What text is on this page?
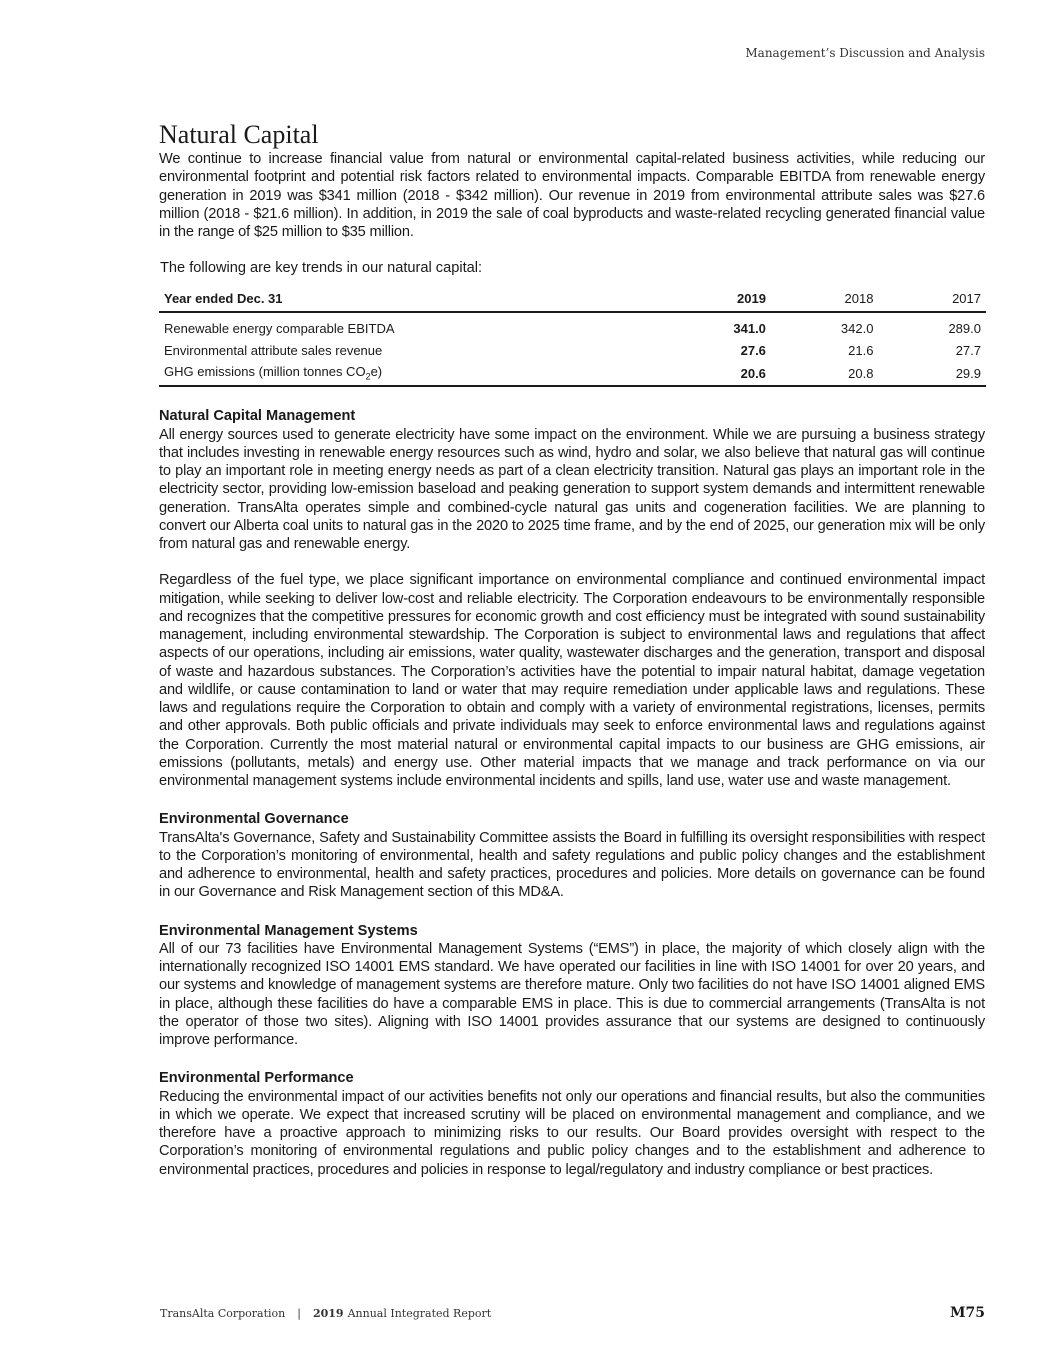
Management’s Discussion and Analysis
Natural Capital

We continue to increase financial value from natural or environmental capital-related business activities, while reducing our environmental footprint and potential risk factors related to environmental impacts. Comparable EBITDA from renewable energy generation in 2019 was $341 million (2018 - $342 million). Our revenue in 2019 from environmental attribute sales was $27.6 million (2018 - $21.6 million). In addition, in 2019 the sale of coal byproducts and waste-related recycling generated financial value in the range of $25 million to $35 million.

The following are key trends in our natural capital:
Year ended Dec. 31	2019	2018	2017
Renewable energy comparable EBITDA	341.0	342.0	289.0
Environmental attribute sales revenue	27.6	21.6	27.7
GHG emissions (million tonnes $CO_2e$)	20.6	20.8	29.9
Natural Capital Management

All energy sources used to generate electricity have some impact on the environment. While we are pursuing a business strategy that includes investing in renewable energy resources such as wind, hydro and solar, we also believe that natural gas will continue to play an important role in meeting energy needs as part of a clean electricity transition. Natural gas plays an important role in the electricity sector, providing low-emission baseload and peaking generation to support system demands and intermittent renewable generation. TransAlta operates simple and combined-cycle natural gas units and cogeneration facilities. We are planning to convert our Alberta coal units to natural gas in the 2020 to 2025 time frame, and by the end of 2025, our generation mix will be only from natural gas and renewable energy.

Regardless of the fuel type, we place significant importance on environmental compliance and continued environmental impact mitigation, while seeking to deliver low-cost and reliable electricity. The Corporation endeavours to be environmentally responsible and recognizes that the competitive pressures for economic growth and cost efficiency must be integrated with sound sustainability management, including environmental stewardship. The Corporation is subject to environmental laws and regulations that affect aspects of our operations, including air emissions, water quality, wastewater discharges and the generation, transport and disposal of waste and hazardous substances. The Corporation’s activities have the potential to impair natural habitat, damage vegetation and wildlife, or cause contamination to land or water that may require remediation under applicable laws and regulations. These laws and regulations require the Corporation to obtain and comply with a variety of environmental registrations, licenses, permits and other approvals. Both public officials and private individuals may seek to enforce environmental laws and regulations against the Corporation. Currently the most material natural or environmental capital impacts to our business are GHG emissions, air emissions (pollutants, metals) and energy use. Other material impacts that we manage and track performance on via our environmental management systems include environmental incidents and spills, land use, water use and waste management.

Environmental Governance

TransAlta's Governance, Safety and Sustainability Committee assists the Board in fulfilling its oversight responsibilities with respect to the Corporation’s monitoring of environmental, health and safety regulations and public policy changes and the establishment and adherence to environmental, health and safety practices, procedures and policies. More details on governance can be found in our Governance and Risk Management section of this MD&A.

Environmental Management Systems

All of our 73 facilities have Environmental Management Systems (“EMS”) in place, the majority of which closely align with the internationally recognized ISO 14001 EMS standard. We have operated our facilities in line with ISO 14001 for over 20 years, and our systems and knowledge of management systems are therefore mature. Only two facilities do not have ISO 14001 aligned EMS in place, although these facilities do have a comparable EMS in place. This is due to commercial arrangements (TransAlta is not the operator of those two sites). Aligning with ISO 14001 provides assurance that our systems are designed to continuously improve performance.

Environmental Performance

Reducing the environmental impact of our activities benefits not only our operations and financial results, but also the communities in which we operate. We expect that increased scrutiny will be placed on environmental management and compliance, and we therefore have a proactive approach to minimizing risks to our results. Our Board provides oversight with respect to the Corporation’s monitoring of environmental regulations and public policy changes and to the establishment and adherence to environmental practices, procedures and policies in response to legal/regulatory and industry compliance or best practices.

TransAlta Corporation | 2019 Annual Integrated Report	M75
